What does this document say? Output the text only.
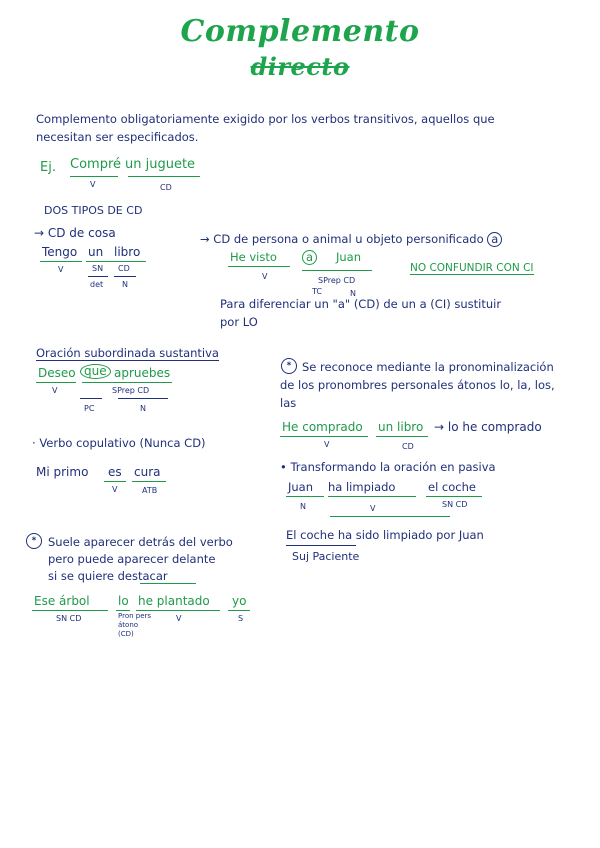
Complemento
directo
Complemento obligatoriamente exigido por los verbos transitivos, aquellos que
necesitan ser especificados.
Ej. Compré un juguete
V	CD
DOS TIPOS DE CD
→ CD de cosa
Tengo un libro
V	SN CD
det N
→ CD de persona o animal u objeto personificado a
He visto	a	Juan
V	SPrep CD
TC	N
NO CONFUNDIR CON CI
Para diferenciar un "a" (CD) de un a (CI) sustituir
por LO
Oración subordinada sustantiva
Deseo que apruebes
V	SPrep CD
PC	N
· Verbo copulativo (Nunca CD)
Mi primo es cura
V	ATB
* Se reconoce mediante la pronominalización
de los pronombres personales átonos lo, la, los,
las
He comprado un libro → lo he comprado
V	CD
• Transformando la oración en pasiva
Juan ha limpiado	el coche
N	V	SN CD
El coche ha sido limpiado por Juan
Suj Paciente
*	Suele aparecer detrás del verbo
pero puede aparecer delante
si se quiere destacar
Ese árbol lo he plantado yo
SN CD	Pron pers átono (CD)
V	S
